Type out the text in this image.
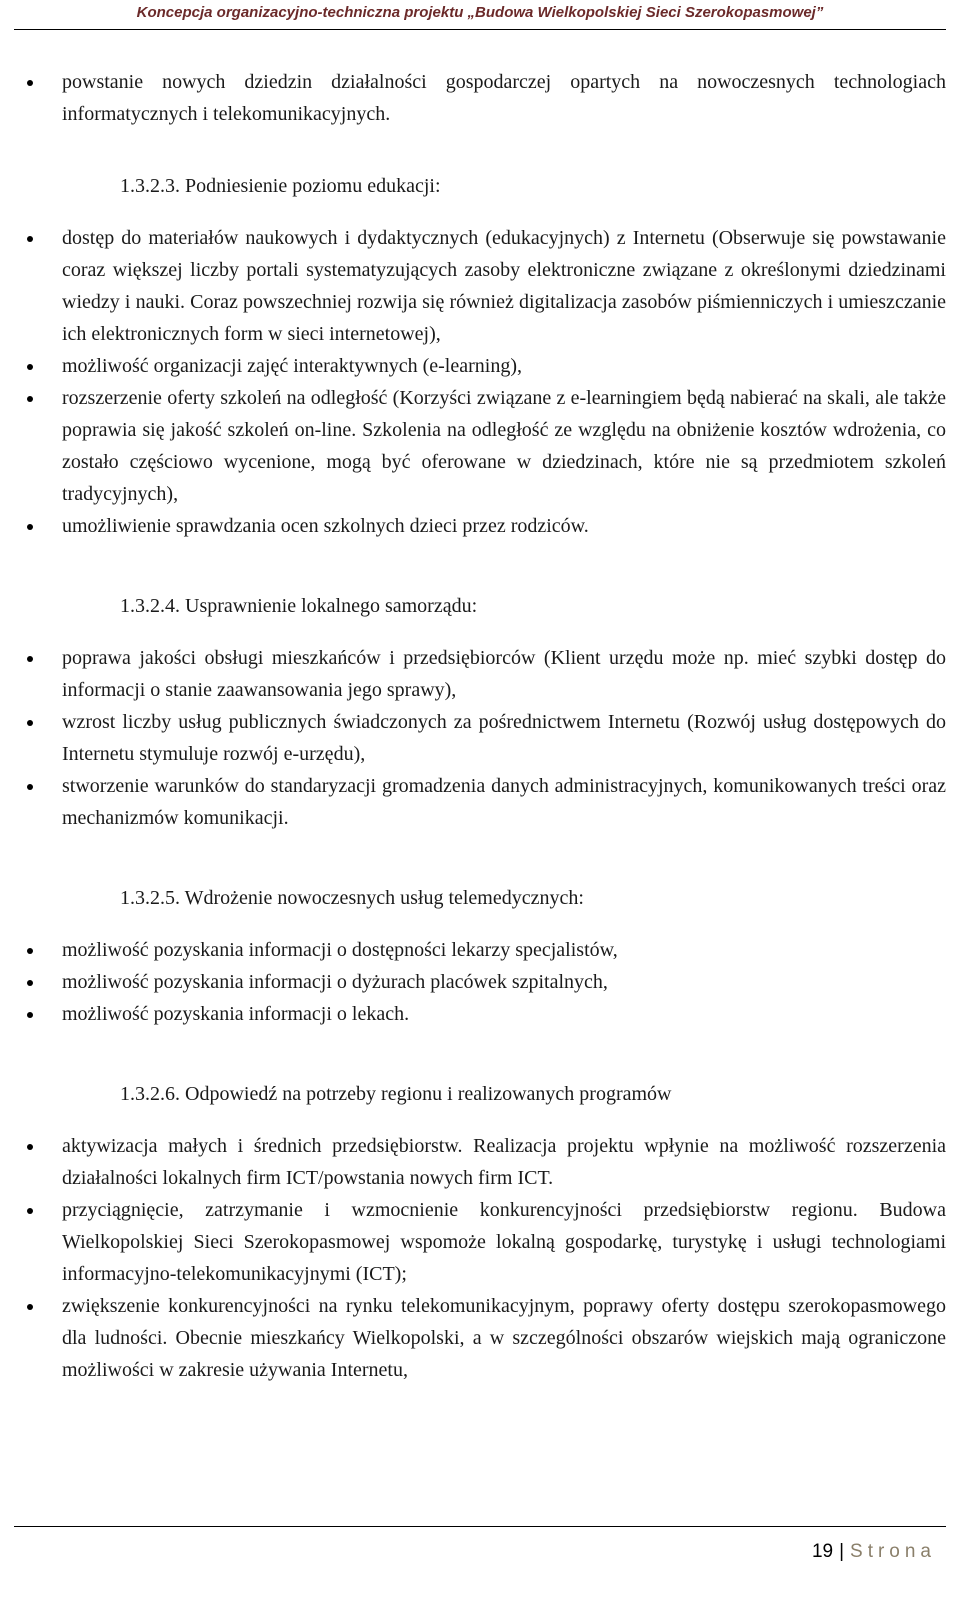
Koncepcja organizacyjno-techniczna projektu „Budowa Wielkopolskiej Sieci Szerokopasmowej”
powstanie nowych dziedzin działalności gospodarczej opartych na nowoczesnych technologiach informatycznych i telekomunikacyjnych.
1.3.2.3. Podniesienie poziomu edukacji:
dostęp do materiałów naukowych i dydaktycznych (edukacyjnych) z Internetu (Obserwuje się powstawanie coraz większej liczby portali systematyzujących zasoby elektroniczne związane z określonymi dziedzinami wiedzy i nauki. Coraz powszechniej rozwija się również digitalizacja zasobów piśmienniczych i umieszczanie ich elektronicznych form w sieci internetowej),
możliwość organizacji zajęć interaktywnych (e-learning),
rozszerzenie oferty szkoleń na odległość (Korzyści związane z e-learningiem będą nabierać na skali, ale także poprawia się jakość szkoleń on-line. Szkolenia na odległość ze względu na obniżenie kosztów wdrożenia, co zostało częściowo wycenione, mogą być oferowane w dziedzinach, które nie są przedmiotem szkoleń tradycyjnych),
umożliwienie sprawdzania ocen szkolnych dzieci przez rodziców.
1.3.2.4. Usprawnienie lokalnego samorządu:
poprawa jakości obsługi mieszkańców i przedsiębiorców (Klient urzędu może np. mieć szybki dostęp do informacji o stanie zaawansowania jego sprawy),
wzrost liczby usług publicznych świadczonych za pośrednictwem Internetu (Rozwój usług dostępowych do Internetu stymuluje rozwój e-urzędu),
stworzenie warunków do standaryzacji gromadzenia danych administracyjnych, komunikowanych treści oraz mechanizmów komunikacji.
1.3.2.5. Wdrożenie nowoczesnych usług telemedycznych:
możliwość pozyskania informacji o dostępności lekarzy specjalistów,
możliwość pozyskania informacji o dyżurach placówek szpitalnych,
możliwość pozyskania informacji o lekach.
1.3.2.6. Odpowiedź na potrzeby regionu i realizowanych programów
aktywizacja małych i średnich przedsiębiorstw. Realizacja projektu wpłynie na możliwość rozszerzenia działalności lokalnych firm ICT/powstania nowych firm ICT.
przyciągnięcie, zatrzymanie i wzmocnienie konkurencyjności przedsiębiorstw regionu. Budowa Wielkopolskiej Sieci Szerokopasmowej wspomoże lokalną gospodarkę, turystykę i usługi technologiami informacyjno-telekomunikacyjnymi (ICT);
zwiększenie konkurencyjności na rynku telekomunikacyjnym, poprawy oferty dostępu szerokopasmowego dla ludności. Obecnie mieszkańcy Wielkopolski, a w szczególności obszarów wiejskich mają ograniczone możliwości w zakresie używania Internetu,
19 | Strona
